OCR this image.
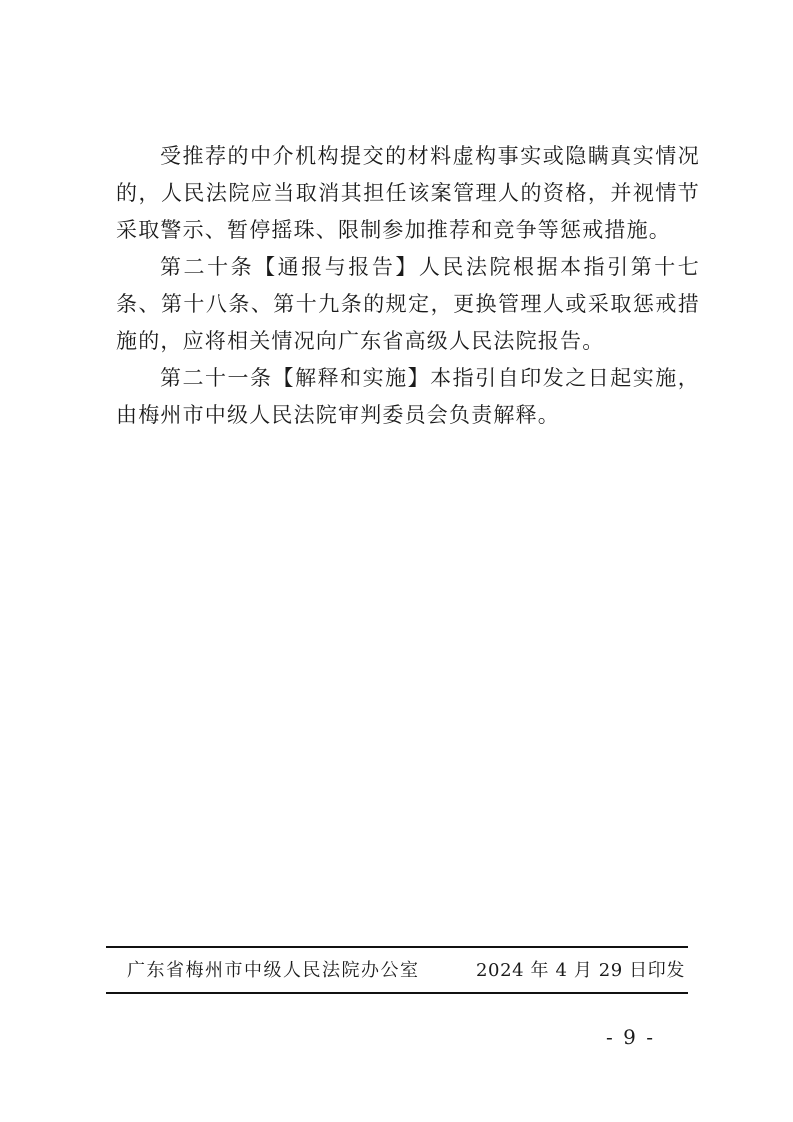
受推荐的中介机构提交的材料虚构事实或隐瞒真实情况的，人民法院应当取消其担任该案管理人的资格，并视情节采取警示、暂停摇珠、限制参加推荐和竞争等惩戒措施。

第二十条【通报与报告】人民法院根据本指引第十七条、第十八条、第十九条的规定，更换管理人或采取惩戒措施的，应将相关情况向广东省高级人民法院报告。

第二十一条【解释和实施】本指引自印发之日起实施，由梅州市中级人民法院审判委员会负责解释。

广东省梅州市中级人民法院办公室	2024 年 4 月 29 日印发
- 9 -
